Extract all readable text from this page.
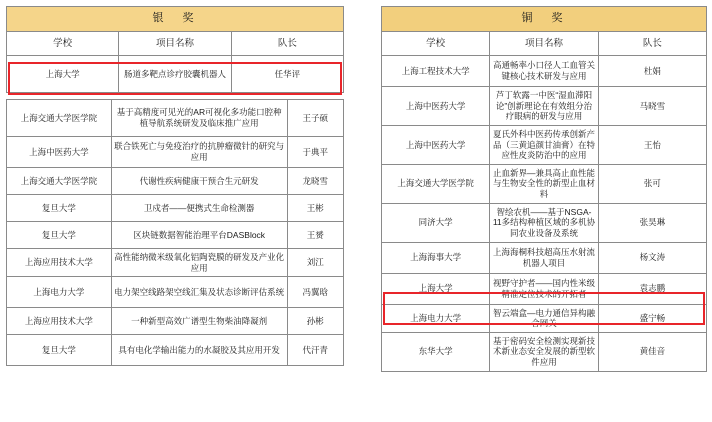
银　奖		
学校	项目名称	队长
上海大学	肠道多靶点诊疗胶囊机器人	任华评
上海交通大学医学院	基于高精度可见光的AR可视化多功能口腔种植导航系统研发及临床推广应用	王子硕
上海中医药大学	联合铁死亡与免疫治疗的抗肿瘤微针的研究与应用	于典平
上海交通大学医学院	代谢性疾病健康干预合生元研发	龙晓雪
复旦大学	卫戍者——便携式生命检测器	王彬
复旦大学	区块链数据智能治理平台DASBlock	王赟
上海应用技术大学	高性能纳微米级氧化铝陶瓷膜的研发及产业化应用	刘江
上海电力大学	电力架空线路架空线汇集及状态诊断评估系统	冯翼晗
上海应用技术大学	一种新型高效广谱型生物柴油降凝剂	孙彬
复旦大学	具有电化学输出能力的水凝胶及其应用开发	代汗青
铜　奖		
学校	项目名称	队长
上海工程技术大学	高通畅率小口径人工血管关键核心技术研发与应用	杜娟
上海中医药大学	芦丁软露一中医“湿血滞阳论”创新理论在有效组分治疗眼病的研发与应用	马晓雪
上海中医药大学	夏氏外科中医药传承创新产品（三黄追颜甘油膏）在特应性皮炎防治中的应用	王怡
上海交通大学医学院	止血新界—兼具高止血性能与生物安全性的新型止血材料	张可
同济大学	智绘农机——基于NSGA-11多结构种植区域的多机协同农业设备及系统	张昊琳
上海海事大学	上海海桐科技超高压水射流机器人项目	杨文涛
上海大学	视野守护者——国内性米级精准定位技术的开拓者	袁志鹏
上海电力大学	智云端盒—电力通信异构融合网关	盛宁畅
东华大学	基于密码安全检测实现新技术新业态安全发展的新型软件应用	黄佳音
